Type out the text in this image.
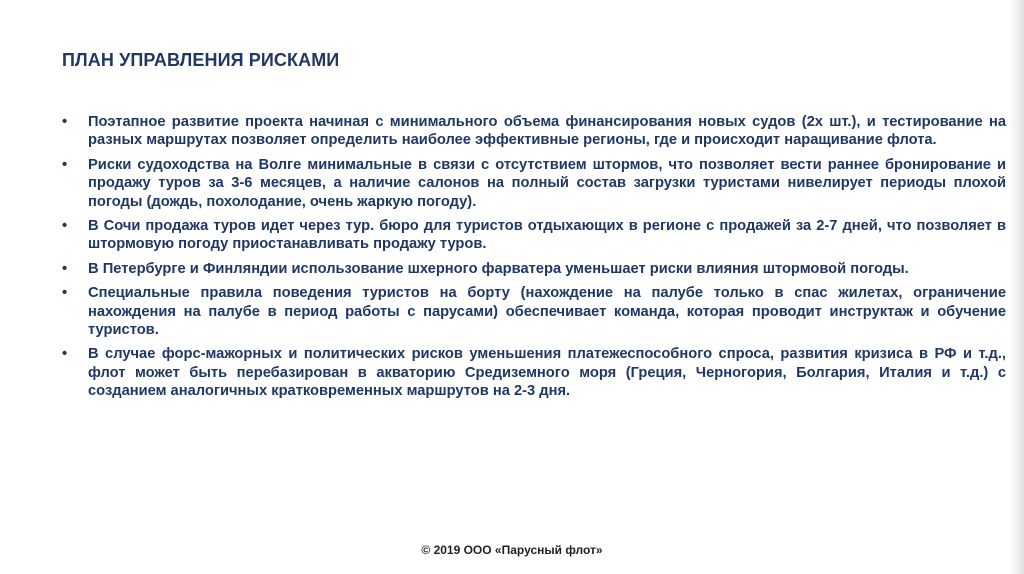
ПЛАН УПРАВЛЕНИЯ РИСКАМИ
•	Поэтапное развитие проекта начиная с минимального объема финансирования новых судов (2х шт.), и тестирование на разных маршрутах позволяет определить наиболее эффективные регионы, где и происходит наращивание флота.
•	Риски судоходства на Волге минимальные в связи с отсутствием штормов, что позволяет вести раннее бронирование и продажу туров за 3-6 месяцев, а наличие салонов на полный состав загрузки туристами нивелирует периоды плохой погоды (дождь, похолодание, очень жаркую погоду).
•	В Сочи продажа туров идет через тур. бюро для туристов отдыхающих в регионе с продажей за 2-7 дней, что позволяет в штормовую погоду приостанавливать продажу туров.
•	В Петербурге и Финляндии использование шхерного фарватера уменьшает риски влияния штормовой погоды.
•	Специальные правила поведения туристов на борту (нахождение на палубе только в спас жилетах, ограничение нахождения на палубе в период работы с парусами) обеспечивает команда, которая проводит инструктаж и обучение туристов.
•	В случае форс-мажорных и политических рисков уменьшения платежеспособного спроса, развития кризиса в РФ и т.д., флот может быть перебазирован в акваторию Средиземного моря (Греция, Черногория, Болгария, Италия и т.д.) с созданием аналогичных кратковременных маршрутов на 2-3 дня.
© 2019 ООО «Парусный флот»
